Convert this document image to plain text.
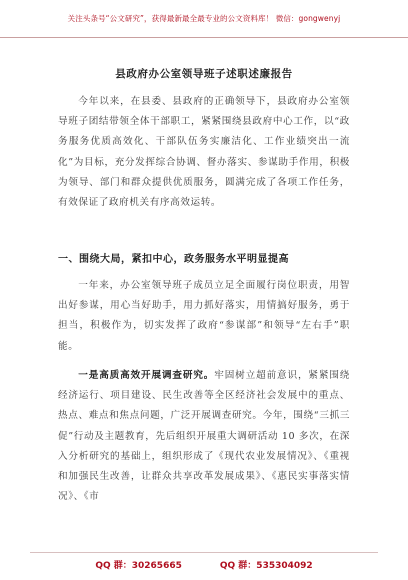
关注头条号“公文研究”，获得最新最全最专业的公文资料库！ 微信：gongwenyj
县政府办公室领导班子述职述廉报告
今年以来，在县委、县政府的正确领导下，县政府办公室领导班子团结带领全体干部职工，紧紧围绕县政府中心工作，以“政务服务优质高效化、干部队伍务实廉洁化、工作业绩突出一流化”为目标，充分发挥综合协调、督办落实、参谋助手作用，积极为领导、部门和群众提供优质服务，圆满完成了各项工作任务，有效保证了政府机关有序高效运转。
一、围绕大局，紧扣中心，政务服务水平明显提高
一年来，办公室领导班子成员立足全面履行岗位职责，用智出好参谋，用心当好助手，用力抓好落实，用情搞好服务，勇于担当，积极作为，切实发挥了政府“参谋部”和领导“左右手”职能。
一是高质高效开展调查研究。牢固树立超前意识，紧紧围绕经济运行、项目建设、民生改善等全区经济社会发展中的重点、热点、难点和焦点问题，广泛开展调查研究。今年，围绕“三抓三促”行动及主题教育，先后组织开展重大调研活动 10 多次，在深入分析研究的基础上，组织形成了《现代农业发展情况》、《重视和加强民生改善，让群众共享改革发展成果》、《惠民实事落实情况》、《市
QQ 群：30265665	QQ 群：535304092
